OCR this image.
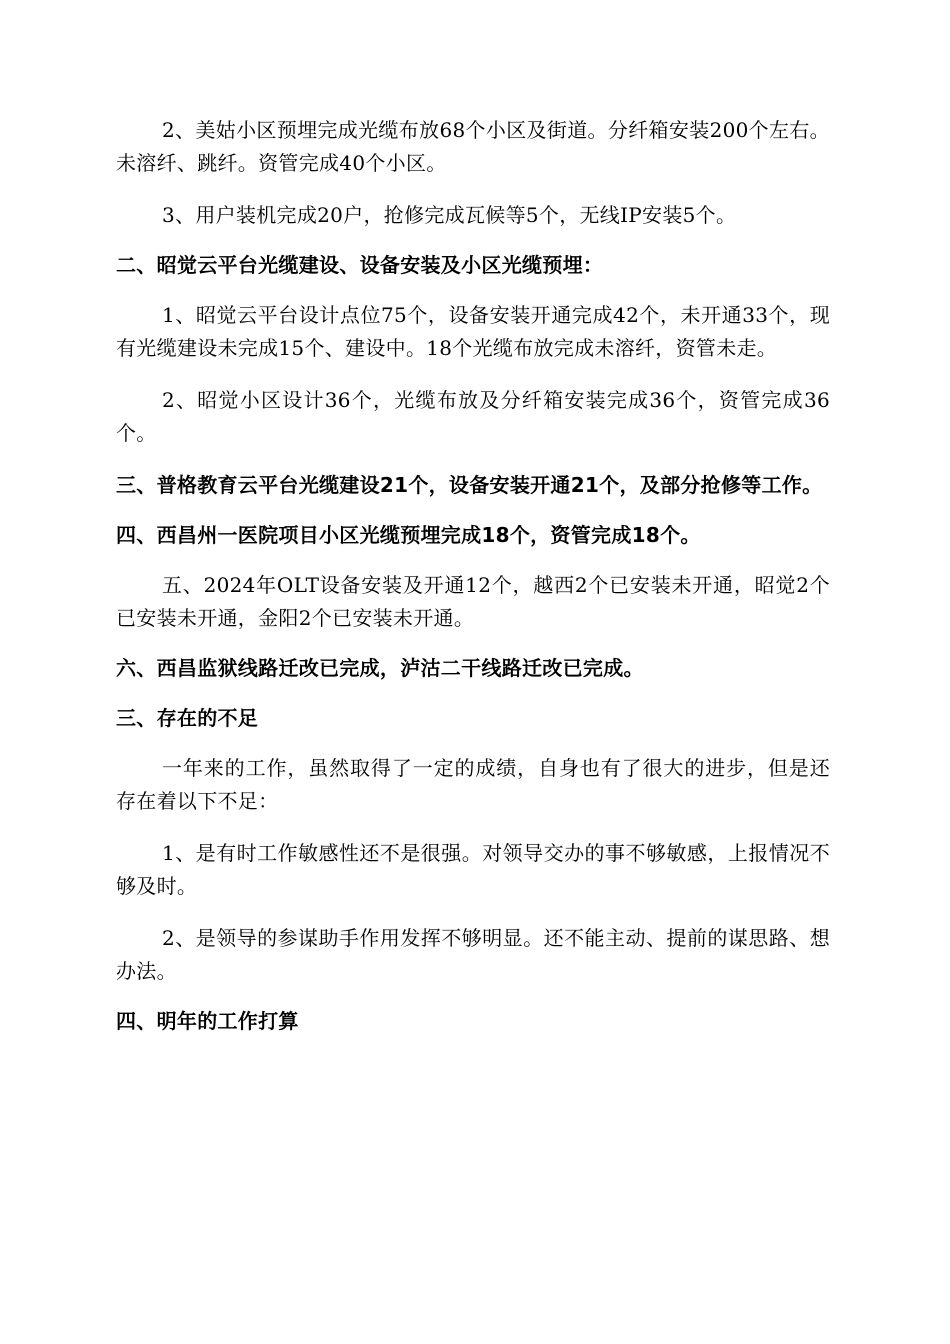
2、美姑小区预埋完成光缆布放68个小区及街道。分纤箱安装200个左右。未溶纤、跳纤。资管完成40个小区。

3、用户装机完成20户，抢修完成瓦候等5个，无线IP安装5个。

二、昭觉云平台光缆建设、设备安装及小区光缆预埋：

1、昭觉云平台设计点位75个，设备安装开通完成42个，未开通33个，现有光缆建设未完成15个、建设中。18个光缆布放完成未溶纤，资管未走。

2、昭觉小区设计36个，光缆布放及分纤箱安装完成36个，资管完成36个。

三、普格教育云平台光缆建设21个，设备安装开通21个，及部分抢修等工作。

四、西昌州一医院项目小区光缆预埋完成18个，资管完成18个。

五、2024年OLT设备安装及开通12个，越西2个已安装未开通，昭觉2个已安装未开通，金阳2个已安装未开通。

六、西昌监狱线路迁改已完成，泸沽二干线路迁改已完成。

三、存在的不足

一年来的工作，虽然取得了一定的成绩，自身也有了很大的进步，但是还存在着以下不足：

1、是有时工作敏感性还不是很强。对领导交办的事不够敏感，上报情况不够及时。

2、是领导的参谋助手作用发挥不够明显。还不能主动、提前的谋思路、想办法。

四、明年的工作打算
